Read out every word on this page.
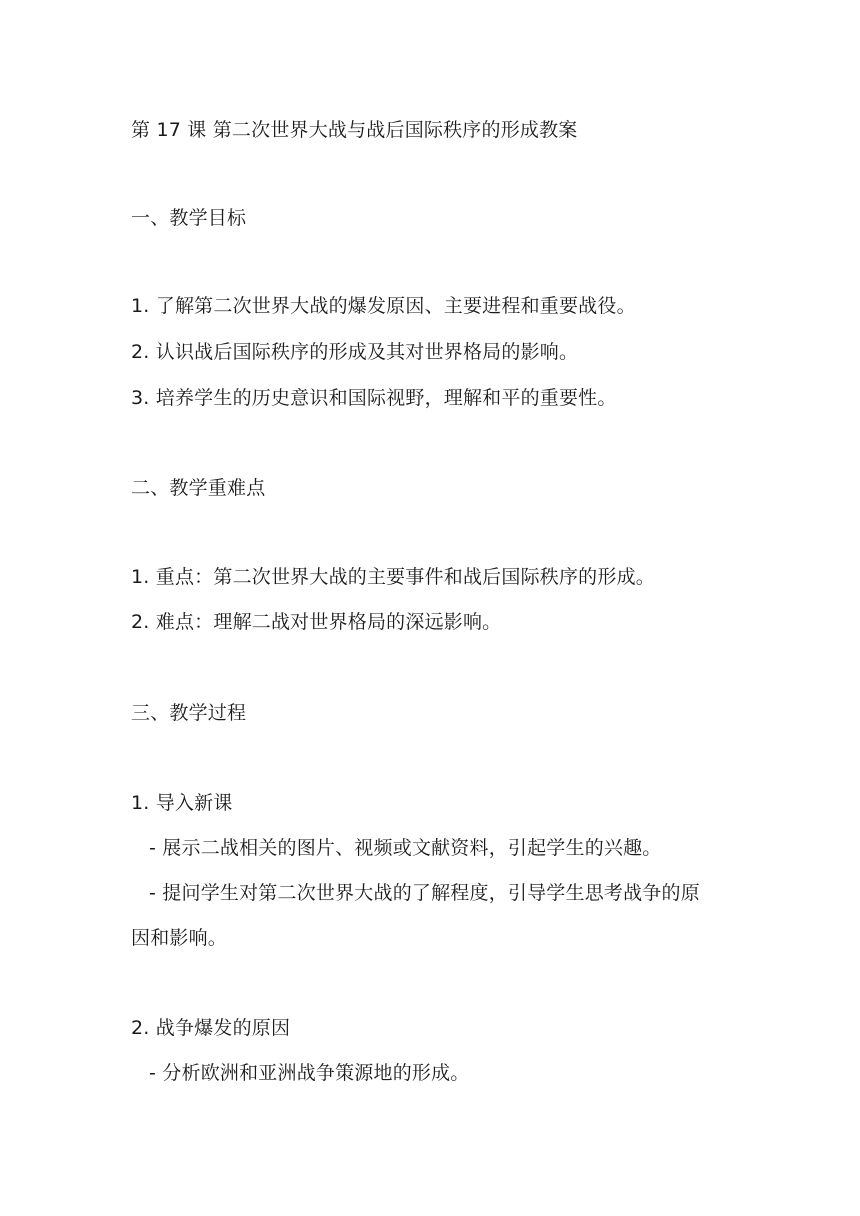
第 17 课 第二次世界大战与战后国际秩序的形成教案
一、教学目标
1. 了解第二次世界大战的爆发原因、主要进程和重要战役。
2. 认识战后国际秩序的形成及其对世界格局的影响。
3. 培养学生的历史意识和国际视野，理解和平的重要性。
二、教学重难点
1. 重点：第二次世界大战的主要事件和战后国际秩序的形成。
2. 难点：理解二战对世界格局的深远影响。
三、教学过程
1. 导入新课
- 展示二战相关的图片、视频或文献资料，引起学生的兴趣。
- 提问学生对第二次世界大战的了解程度，引导学生思考战争的原
因和影响。
2. 战争爆发的原因
- 分析欧洲和亚洲战争策源地的形成。
